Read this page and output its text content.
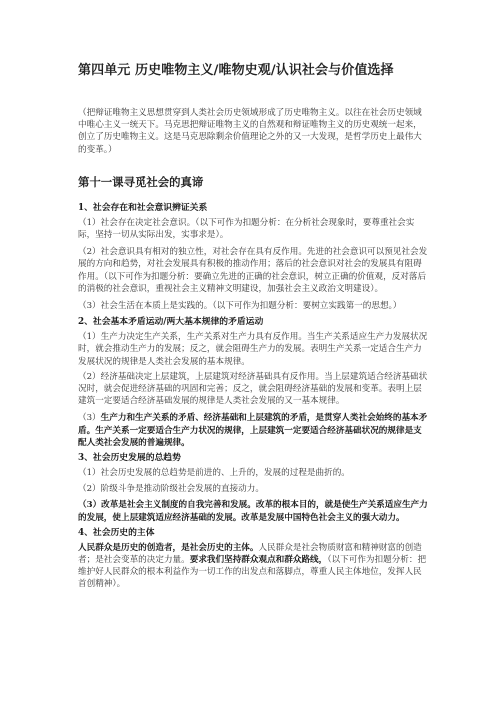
第四单元 历史唯物主义/唯物史观/认识社会与价值选择

（把辩证唯物主义思想贯穿到人类社会历史领域形成了历史唯物主义。以往在社会历史领域中唯心主义一统天下。马克思把辩证唯物主义的自然观和辩证唯物主义的历史观统一起来，创立了历史唯物主义。这是马克思除剩余价值理论之外的又一大发现，是哲学历史上最伟大的变革。）

第十一课寻觅社会的真谛
1、社会存在和社会意识辨证关系

（1）社会存在决定社会意识。（以下可作为扣题分析：在分析社会现象时，要尊重社会实际，坚持一切从实际出发，实事求是）。

（2）社会意识具有相对的独立性，对社会存在具有反作用。先进的社会意识可以预见社会发展的方向和趋势，对社会发展具有积极的推动作用；落后的社会意识对社会的发展具有阻碍作用。（以下可作为扣题分析：要确立先进的正确的社会意识，树立正确的价值观，反对落后的消极的社会意识，重视社会主义精神文明建设，加强社会主义政治文明建设）。

（3）社会生活在本质上是实践的。（以下可作为扣题分析：要树立实践第一的思想。）

2、社会基本矛盾运动/两大基本规律的矛盾运动

（1）生产力决定生产关系，生产关系对生产力具有反作用。当生产关系适应生产力发展状况时，就会推动生产力的发展；反之，就会阻碍生产力的发展。表明生产关系一定适合生产力发展状况的规律是人类社会发展的基本规律。

（2）经济基础决定上层建筑，上层建筑对经济基础具有反作用。当上层建筑适合经济基础状况时，就会促进经济基础的巩固和完善；反之，就会阻碍经济基础的发展和变革。表明上层建筑一定要适合经济基础发展的规律是人类社会发展的又一基本规律。

（3）生产力和生产关系的矛盾、经济基础和上层建筑的矛盾，是贯穿人类社会始终的基本矛盾。生产关系一定要适合生产力状况的规律，上层建筑一定要适合经济基础状况的规律是支配人类社会发展的普遍规律。

3、社会历史发展的总趋势

（1）社会历史发展的总趋势是前进的、上升的，发展的过程是曲折的。

（2）阶级斗争是推动阶级社会发展的直接动力。

（3）改革是社会主义制度的自我完善和发展。改革的根本目的，就是使生产关系适应生产力的发展，使上层建筑适应经济基础的发展。改革是发展中国特色社会主义的强大动力。

4、社会历史的主体

人民群众是历史的创造者，是社会历史的主体。人民群众是社会物质财富和精神财富的创造者；是社会变革的决定力量。要求我们坚持群众观点和群众路线，（以下可作为扣题分析：把维护好人民群众的根本利益作为一切工作的出发点和落脚点，尊重人民主体地位，发挥人民首创精神）。
